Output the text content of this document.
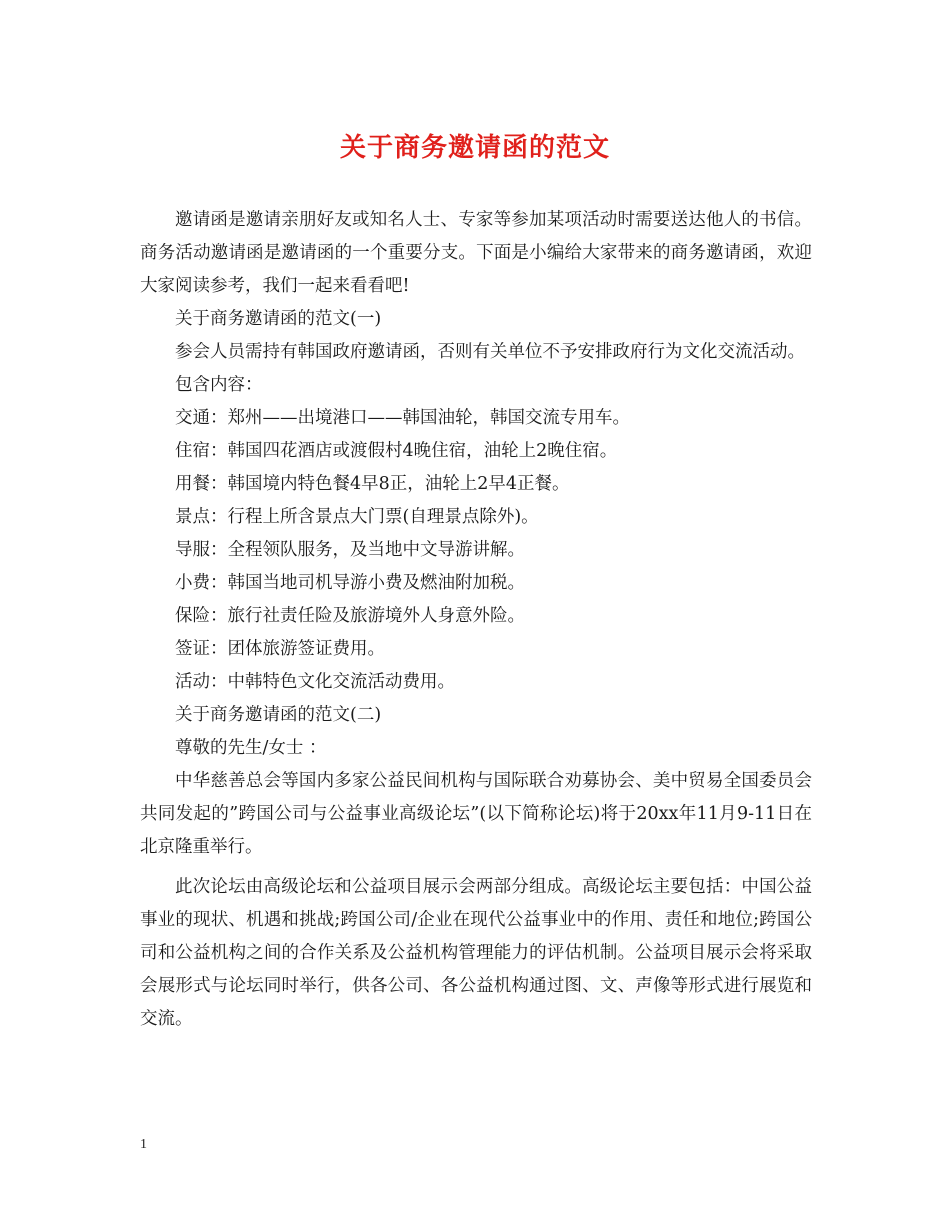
关于商务邀请函的范文

邀请函是邀请亲朋好友或知名人士、专家等参加某项活动时需要送达他人的书信。商务活动邀请函是邀请函的一个重要分支。下面是小编给大家带来的商务邀请函，欢迎大家阅读参考，我们一起来看看吧!

关于商务邀请函的范文(一)

参会人员需持有韩国政府邀请函，否则有关单位不予安排政府行为文化交流活动。

包含内容：

交通：郑州——出境港口——韩国油轮，韩国交流专用车。

住宿：韩国四花酒店或渡假村4晚住宿，油轮上2晚住宿。

用餐：韩国境内特色餐4早8正，油轮上2早4正餐。

景点：行程上所含景点大门票(自理景点除外)。

导服：全程领队服务，及当地中文导游讲解。

小费：韩国当地司机导游小费及燃油附加税。

保险：旅行社责任险及旅游境外人身意外险。

签证：团体旅游签证费用。

活动：中韩特色文化交流活动费用。

关于商务邀请函的范文(二)

尊敬的先生/女士 ：

中华慈善总会等国内多家公益民间机构与国际联合劝募协会、美中贸易全国委员会共同发起的”跨国公司与公益事业高级论坛”(以下简称论坛)将于20xx年11月9-11日在北京隆重举行。

此次论坛由高级论坛和公益项目展示会两部分组成。高级论坛主要包括：中国公益事业的现状、机遇和挑战;跨国公司/企业在现代公益事业中的作用、责任和地位;跨国公司和公益机构之间的合作关系及公益机构管理能力的评估机制。公益项目展示会将采取会展形式与论坛同时举行，供各公司、各公益机构通过图、文、声像等形式进行展览和交流。

1
